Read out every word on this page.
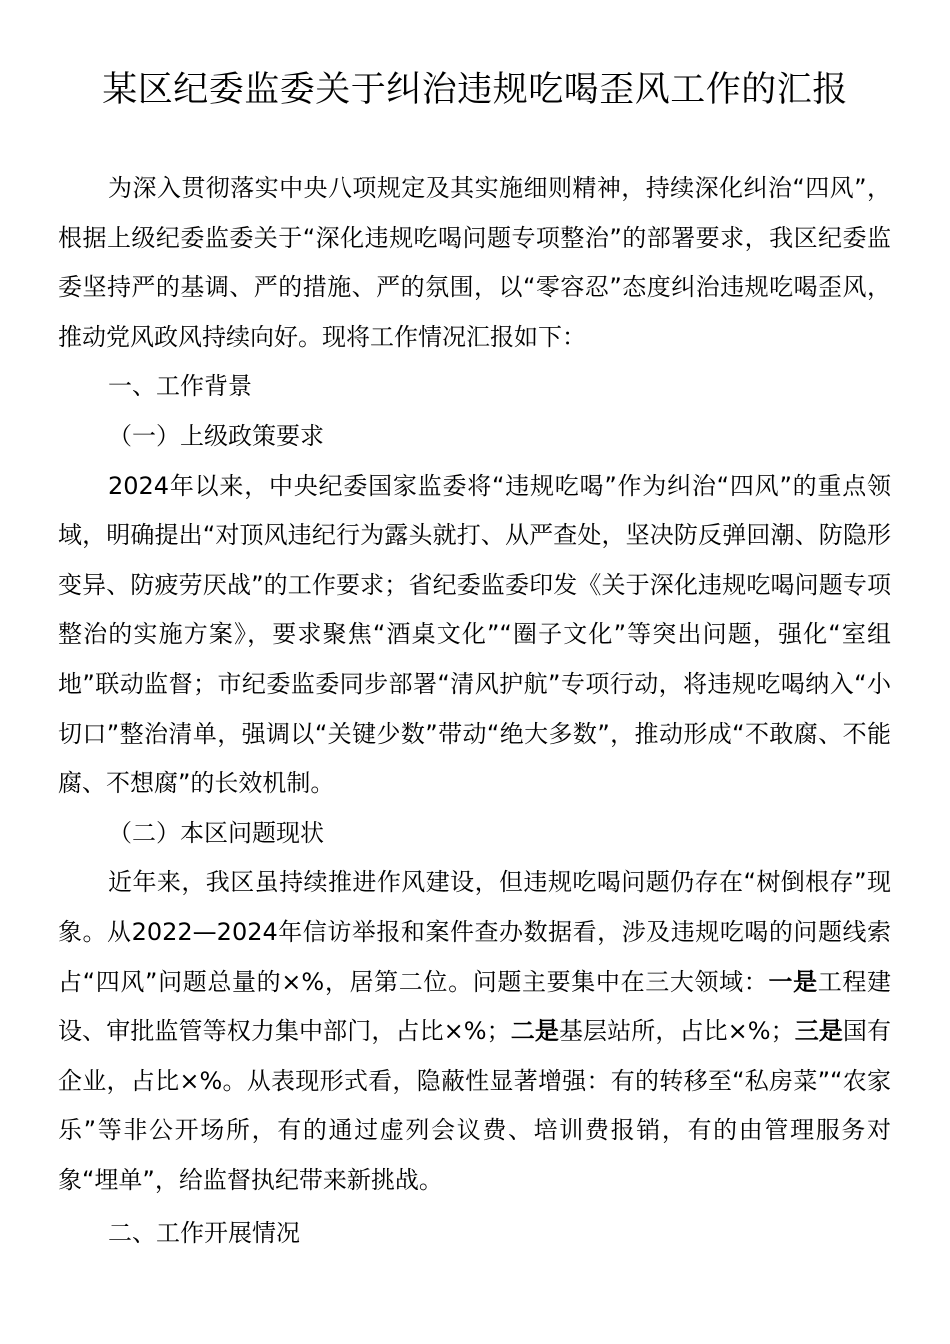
某区纪委监委关于纠治违规吃喝歪风工作的汇报

为深入贯彻落实中央八项规定及其实施细则精神，持续深化纠治“四风”，根据上级纪委监委关于“深化违规吃喝问题专项整治”的部署要求，我区纪委监委坚持严的基调、严的措施、严的氛围，以“零容忍”态度纠治违规吃喝歪风，推动党风政风持续向好。现将工作情况汇报如下：

一、工作背景

（一）上级政策要求

2024年以来，中央纪委国家监委将“违规吃喝”作为纠治“四风”的重点领域，明确提出“对顶风违纪行为露头就打、从严查处，坚决防反弹回潮、防隐形变异、防疲劳厌战”的工作要求；省纪委监委印发《关于深化违规吃喝问题专项整治的实施方案》，要求聚焦“酒桌文化”“圈子文化”等突出问题，强化“室组地”联动监督；市纪委监委同步部署“清风护航”专项行动，将违规吃喝纳入“小切口”整治清单，强调以“关键少数”带动“绝大多数”，推动形成“不敢腐、不能腐、不想腐”的长效机制。

（二）本区问题现状

近年来，我区虽持续推进作风建设，但违规吃喝问题仍存在“树倒根存”现象。从2022—2024年信访举报和案件查办数据看，涉及违规吃喝的问题线索占“四风”问题总量的×%，居第二位。问题主要集中在三大领域：一是工程建设、审批监管等权力集中部门，占比×%；二是基层站所，占比×%；三是国有企业，占比×%。从表现形式看，隐蔽性显著增强：有的转移至“私房菜”“农家乐”等非公开场所，有的通过虚列会议费、培训费报销，有的由管理服务对象“埋单”，给监督执纪带来新挑战。

二、工作开展情况
